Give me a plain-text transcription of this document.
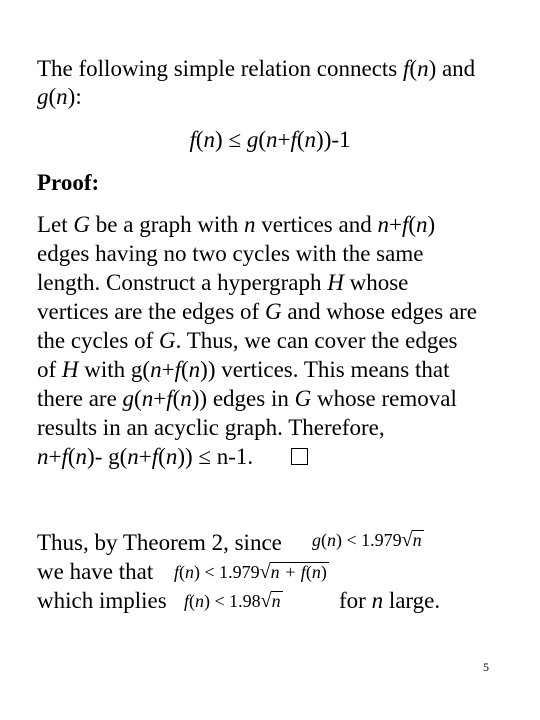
The following simple relation connects f(n) and
g(n):
f(n) ≤ g(n+f(n))-1
Proof:
Let G be a graph with n vertices and n+f(n)
edges having no two cycles with the same
length. Construct a hypergraph H whose
vertices are the edges of G and whose edges are
the cycles of G. Thus, we can cover the edges
of H with g(n+f(n)) vertices. This means that
there are g(n+f(n)) edges in G whose removal
results in an acyclic graph. Therefore,
n+f(n)- g(n+f(n)) ≤ n-1.
Thus, by Theorem 2, since
we have that
which implies	for n large.
g(n) < 1.979√n
f(n) < 1.979√n + f(n)
f(n) < 1.98√n
5
